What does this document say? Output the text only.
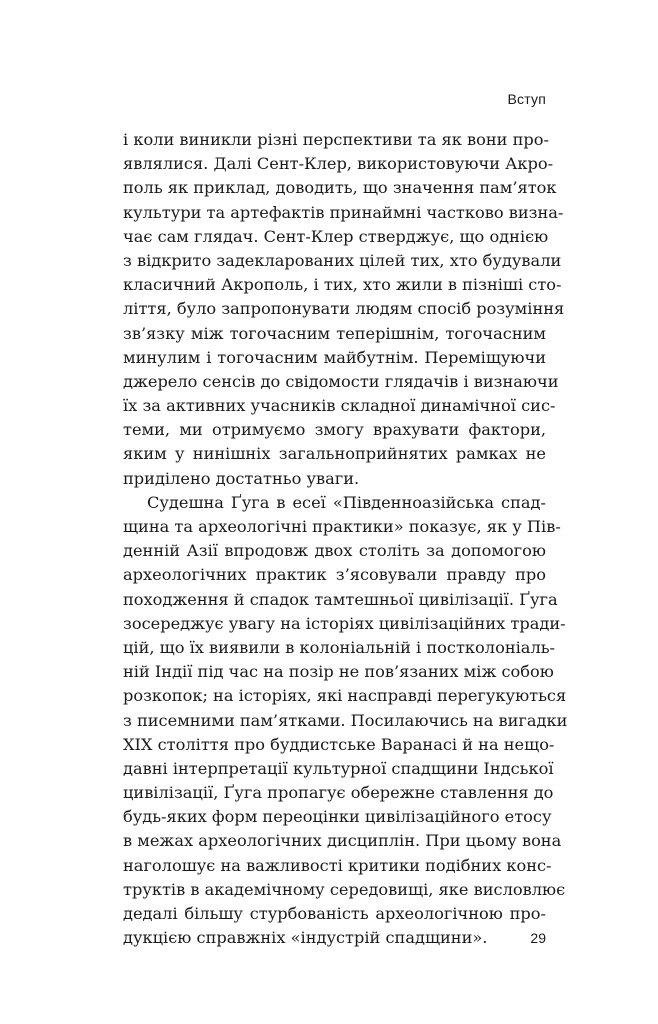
Вступ
і коли виникли різні перспективи та як вони про-
являлися. Далі Сент-Клер, використовуючи Акро-
поль як приклад, доводить, що значення пам’яток
культури та артефактів принаймні частково визна-
чає сам глядач. Сент-Клер стверджує, що однією
з відкрито задекларованих цілей тих, хто будували
класичний Акрополь, і тих, хто жили в пізніші сто-
ліття, було запропонувати людям спосіб розуміння
зв’язку між тогочасним теперішнім, тогочасним
минулим і тогочасним майбутнім. Переміщуючи
джерело сенсів до свідомости глядачів і визнаючи
їх за активних учасників складної динамічної сис-
теми, ми отримуємо змогу врахувати фактори,
яким у нинішніх загальноприйнятих рамках не
приділено достатньо уваги.
Судешна Ґуга в есеї «Південноазійська спад-
щина та археологічні практики» показує, як у Пів-
денній Азії впродовж двох століть за допомогою
археологічних практик з’ясовували правду про
походження й спадок тамтешньої цивілізації. Ґуга
зосереджує увагу на історіях цивілізаційних тради-
цій, що їх виявили в колоніальній і постколоніаль-
ній Індії під час на позір не пов’язаних між собою
розкопок; на історіях, які насправді перегукуються
з писемними пам’ятками. Посилаючись на вигадки
XIX століття про буддистське Варанасі й на нещо-
давні інтерпретації культурної спадщини Індської
цивілізації, Ґуга пропагує обережне ставлення до
будь-яких форм переоцінки цивілізаційного етосу
в межах археологічних дисциплін. При цьому вона
наголошує на важливості критики подібних конс-
труктів в академічному середовищі, яке висловлює
дедалі більшу стурбованість археологічною про-
дукцією справжніх «індустрій спадщини».	29
